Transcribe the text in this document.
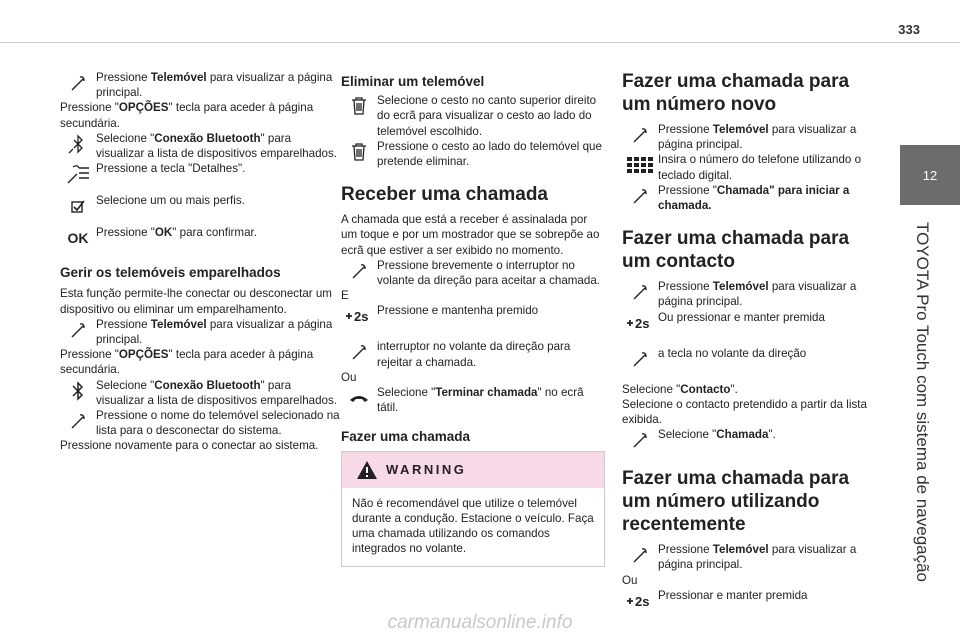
333
12
TOYOTA Pro Touch com sistema de navegação

Pressione Telemóvel para visualizar a página principal.

Pressione "OPÇÕES" tecla para aceder à página secundária.

Selecione "Conexão Bluetooth" para visualizar a lista de dispositivos emparelhados.

Pressione a tecla "Detalhes".

Selecione um ou mais perfis.

OK Pressione "OK" para confirmar.

Gerir os telemóveis emparelhados

Esta função permite-lhe conectar ou desconectar um dispositivo ou eliminar um emparelhamento.

Pressione Telemóvel para visualizar a página principal.

Pressione "OPÇÕES" tecla para aceder à página secundária.

Selecione "Conexão Bluetooth" para visualizar a lista de dispositivos emparelhados.

Pressione o nome do telemóvel selecionado na lista para o desconectar do sistema.

Pressione novamente para o conectar ao sistema.

Eliminar um telemóvel

Selecione o cesto no canto superior direito do ecrã para visualizar o cesto ao lado do telemóvel escolhido.

Pressione o cesto ao lado do telemóvel que pretende eliminar.

Receber uma chamada

A chamada que está a receber é assinalada por um toque e por um mostrador que se sobrepõe ao ecrã que estiver a ser exibido no momento.

Pressione brevemente o interruptor no volante da direção para aceitar a chamada.

E

2s Pressione e mantenha premido

interruptor no volante da direção para rejeitar a chamada.

Ou

Selecione "Terminar chamada" no ecrã tátil.

Fazer uma chamada
WARNING
Não é recomendável que utilize o telemóvel durante a condução. Estacione o veículo. Faça uma chamada utilizando os comandos integrados no volante.
Fazer uma chamada para um número novo

Pressione Telemóvel para visualizar a página principal.

Insira o número do telefone utilizando o teclado digital.

Pressione "Chamada" para iniciar a chamada.

Fazer uma chamada para um contacto

Pressione Telemóvel para visualizar a página principal.

2s Ou pressionar e manter premida

a tecla no volante da direção

Selecione "Contacto".

Selecione o contacto pretendido a partir da lista exibida.

Selecione "Chamada".

Fazer uma chamada para um número utilizando recentemente

Pressione Telemóvel para visualizar a página principal.

Ou

2s Pressionar e manter premida

carmanualsonline.info
